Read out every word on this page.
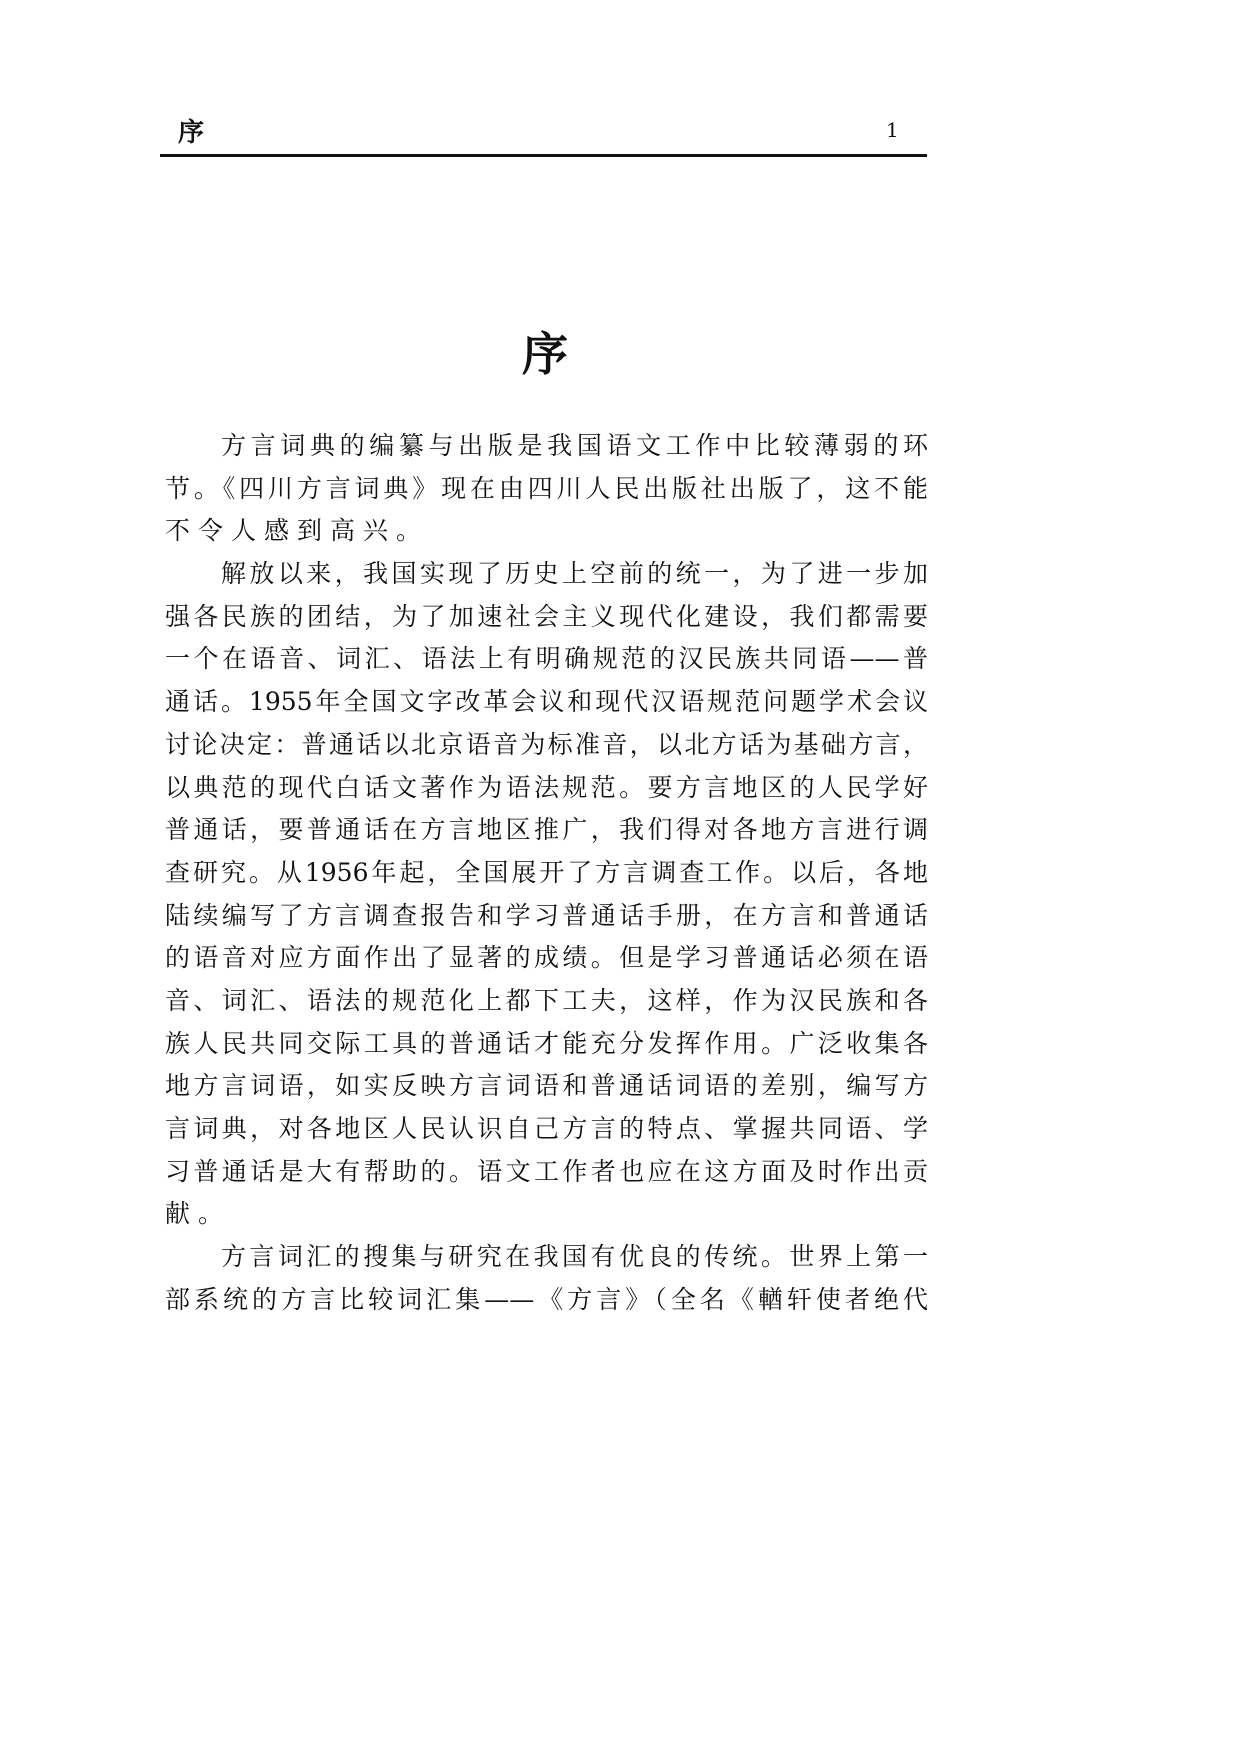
序	1
序
方言词典的编纂与出版是我国语文工作中比较薄弱的环
节。《四川方言词典》现在由四川人民出版社出版了，这不能
不令人感到高兴。
解放以来，我国实现了历史上空前的统一，为了进一步加
强各民族的团结，为了加速社会主义现代化建设，我们都需要
一个在语音、词汇、语法上有明确规范的汉民族共同语——普
通话。1955年全国文字改革会议和现代汉语规范问题学术会议
讨论决定：普通话以北京语音为标准音，以北方话为基础方言，
以典范的现代白话文著作为语法规范。要方言地区的人民学好
普通话，要普通话在方言地区推广，我们得对各地方言进行调
查研究。从1956年起，全国展开了方言调查工作。以后，各地
陆续编写了方言调查报告和学习普通话手册，在方言和普通话
的语音对应方面作出了显著的成绩。但是学习普通话必须在语
音、词汇、语法的规范化上都下工夫，这样，作为汉民族和各
族人民共同交际工具的普通话才能充分发挥作用。广泛收集各
地方言词语，如实反映方言词语和普通话词语的差别，编写方
言词典，对各地区人民认识自己方言的特点、掌握共同语、学
习普通话是大有帮助的。语文工作者也应在这方面及时作出贡
献。
方言词汇的搜集与研究在我国有优良的传统。世界上第一
部系统的方言比较词汇集——《方言》（全名《輶轩使者绝代
